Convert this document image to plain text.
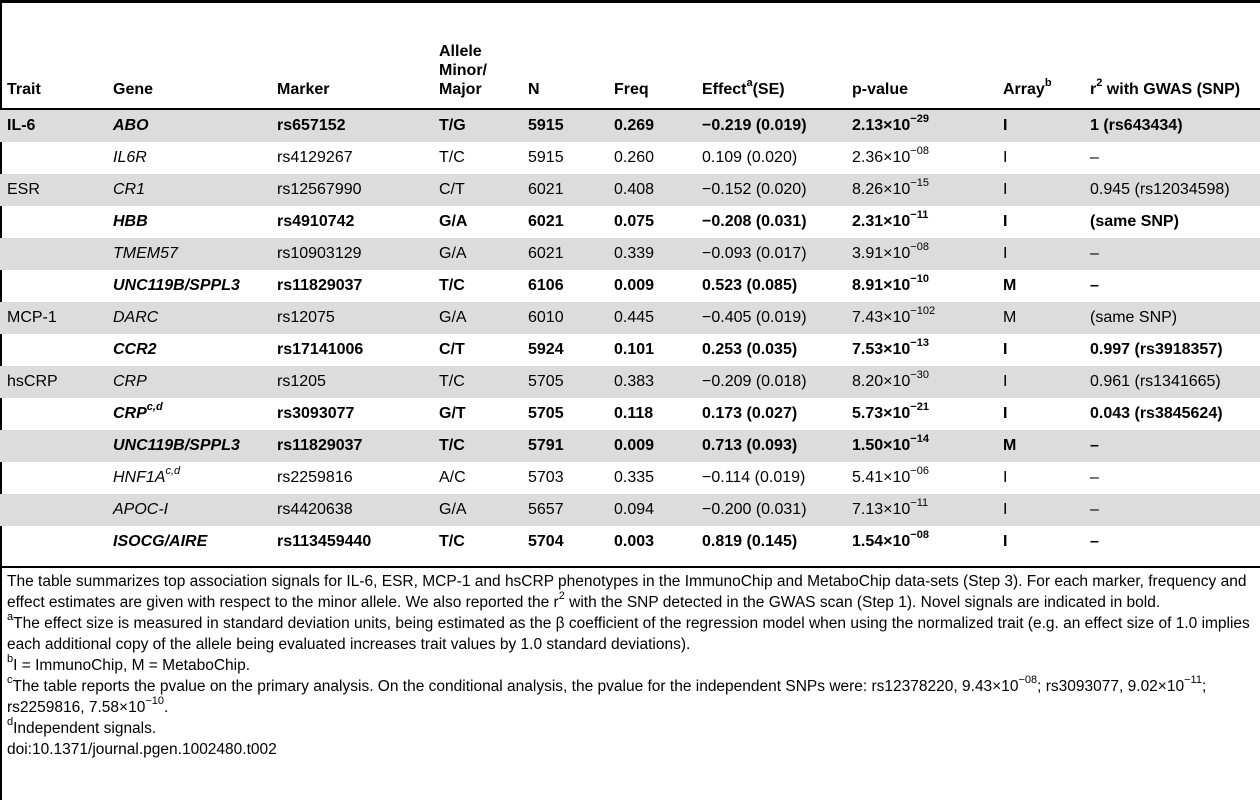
Trait	Gene	Marker	Allele Minor/ Major	N	Freq	Effect$^a$(SE)	p-value	Array$^b$	$r^2$ with GWAS (SNP)
IL-6	ABO	rs657152	T/G	5915	0.269	−0.219 (0.019)	$2.13\times 10^{-29}$	I	1 (rs643434)
	IL6R	rs4129267	T/C	5915	0.260	0.109 (0.020)	$2.36\times 10^{-08}$	I	–
ESR	CR1	rs12567990	C/T	6021	0.408	−0.152 (0.020)	$8.26\times 10^{-15}$	I	0.945 (rs12034598)
	HBB	rs4910742	G/A	6021	0.075	−0.208 (0.031)	$2.31\times 10^{-11}$	I	(same SNP)
	TMEM57	rs10903129	G/A	6021	0.339	−0.093 (0.017)	$3.91\times 10^{-08}$	I	–
	UNC119B/SPPL3	rs11829037	T/C	6106	0.009	0.523 (0.085)	$8.91\times 10^{-10}$	M	–
MCP-1	DARC	rs12075	G/A	6010	0.445	−0.405 (0.019)	$7.43\times 10^{-102}$	M	(same SNP)
	CCR2	rs17141006	C/T	5924	0.101	0.253 (0.035)	$7.53\times 10^{-13}$	I	0.997 (rs3918357)
hsCRP	CRP	rs1205	T/C	5705	0.383	−0.209 (0.018)	$8.20\times 10^{-30}$	I	0.961 (rs1341665)
	CRP$^{c,d}$	rs3093077	G/T	5705	0.118	0.173 (0.027)	$5.73\times 10^{-21}$	I	0.043 (rs3845624)
	UNC119B/SPPL3	rs11829037	T/C	5791	0.009	0.713 (0.093)	$1.50\times 10^{-14}$	M	–
	$HNF1A^{c,d}$	rs2259816	A/C	5703	0.335	−0.114 (0.019)	$5.41\times 10^{-06}$	I	–
	APOC-I	rs4420638	G/A	5657	0.094	−0.200 (0.031)	$7.13\times 10^{-11}$	I	–
	ISOCG/AIRE	rs113459440	T/C	5704	0.003	0.819 (0.145)	$1.54\times 10^{-08}$	I	–

The table summarizes top association signals for IL-6, ESR, MCP-1 and hsCRP phenotypes in the ImmunoChip and MetaboChip data-sets (Step 3). For each marker, frequency and effect estimates are given with respect to the minor allele. We also reported the $r^2$ with the SNP detected in the GWAS scan (Step 1). Novel signals are indicated in bold.

$^a$The effect size is measured in standard deviation units, being estimated as the β coefficient of the regression model when using the normalized trait (e.g. an effect size of 1.0 implies each additional copy of the allele being evaluated increases trait values by 1.0 standard deviations).

$^b$I = ImmunoChip, M = MetaboChip.

$^c$The table reports the pvalue on the primary analysis. On the conditional analysis, the pvalue for the independent SNPs were: rs12378220, $9.43\times 10^{-08}$; rs3093077, $9.02\times 10^{-11}$; rs2259816, $7.58\times 10^{-10}$.

$^d$Independent signals.

doi:10.1371/journal.pgen.1002480.t002
